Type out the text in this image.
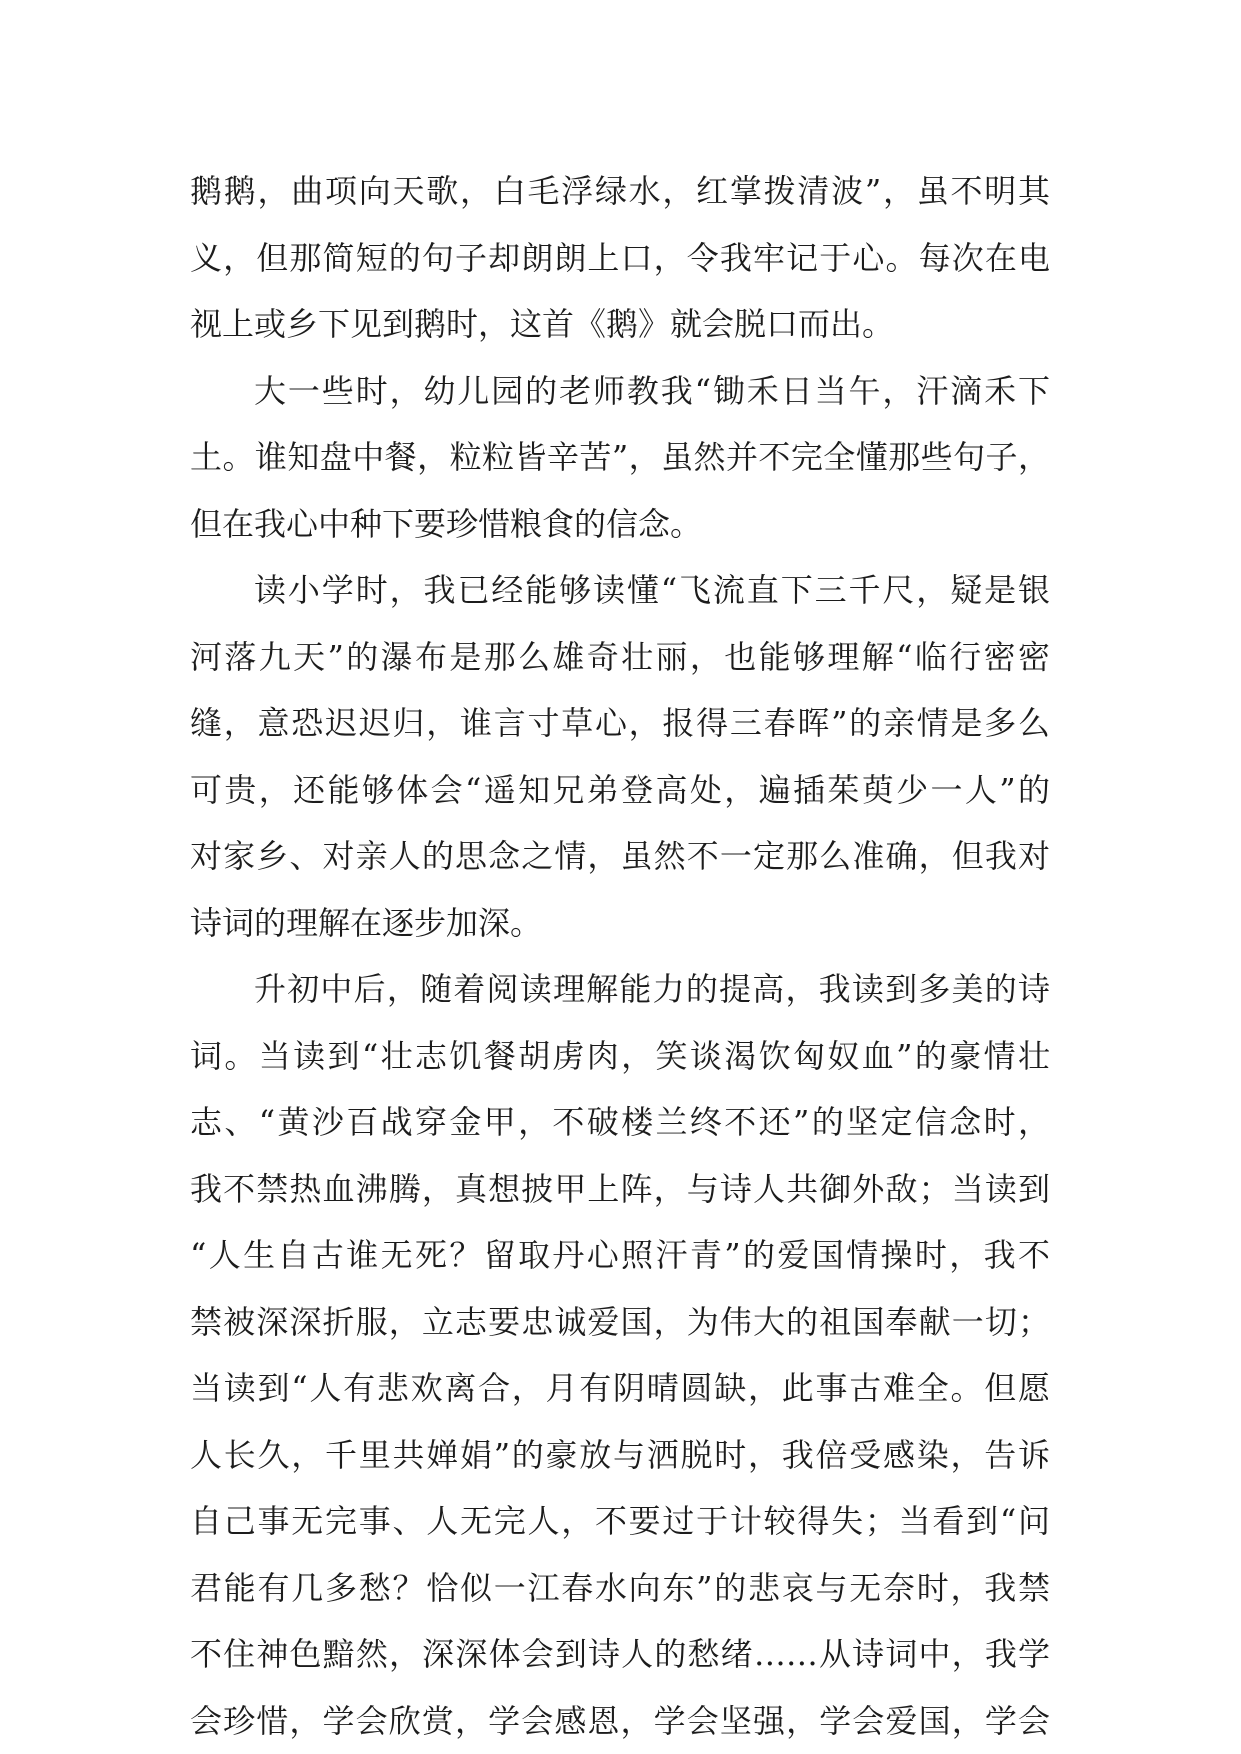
鹅鹅，曲项向天歌，白毛浮绿水，红掌拨清波”，虽不明其
义，但那简短的句子却朗朗上口，令我牢记于心。每次在电
视上或乡下见到鹅时，这首《鹅》就会脱口而出。
大一些时，幼儿园的老师教我“锄禾日当午，汗滴禾下
土。谁知盘中餐，粒粒皆辛苦”，虽然并不完全懂那些句子，
但在我心中种下要珍惜粮食的信念。
读小学时，我已经能够读懂“飞流直下三千尺，疑是银
河落九天”的瀑布是那么雄奇壮丽，也能够理解“临行密密
缝，意恐迟迟归，谁言寸草心，报得三春晖”的亲情是多么
可贵，还能够体会“遥知兄弟登高处，遍插茱萸少一人”的
对家乡、对亲人的思念之情，虽然不一定那么准确，但我对
诗词的理解在逐步加深。
升初中后，随着阅读理解能力的提高，我读到多美的诗
词。当读到“壮志饥餐胡虏肉，笑谈渴饮匈奴血”的豪情壮
志、“黄沙百战穿金甲，不破楼兰终不还”的坚定信念时，
我不禁热血沸腾，真想披甲上阵，与诗人共御外敌；当读到
“人生自古谁无死？留取丹心照汗青”的爱国情操时，我不
禁被深深折服，立志要忠诚爱国，为伟大的祖国奉献一切；
当读到“人有悲欢离合，月有阴晴圆缺，此事古难全。但愿
人长久，千里共婵娟”的豪放与洒脱时，我倍受感染，告诉
自己事无完事、人无完人，不要过于计较得失；当看到“问
君能有几多愁？恰似一江春水向东”的悲哀与无奈时，我禁
不住神色黯然，深深体会到诗人的愁绪……从诗词中，我学
会珍惜，学会欣赏，学会感恩，学会坚强，学会爱国，学会
